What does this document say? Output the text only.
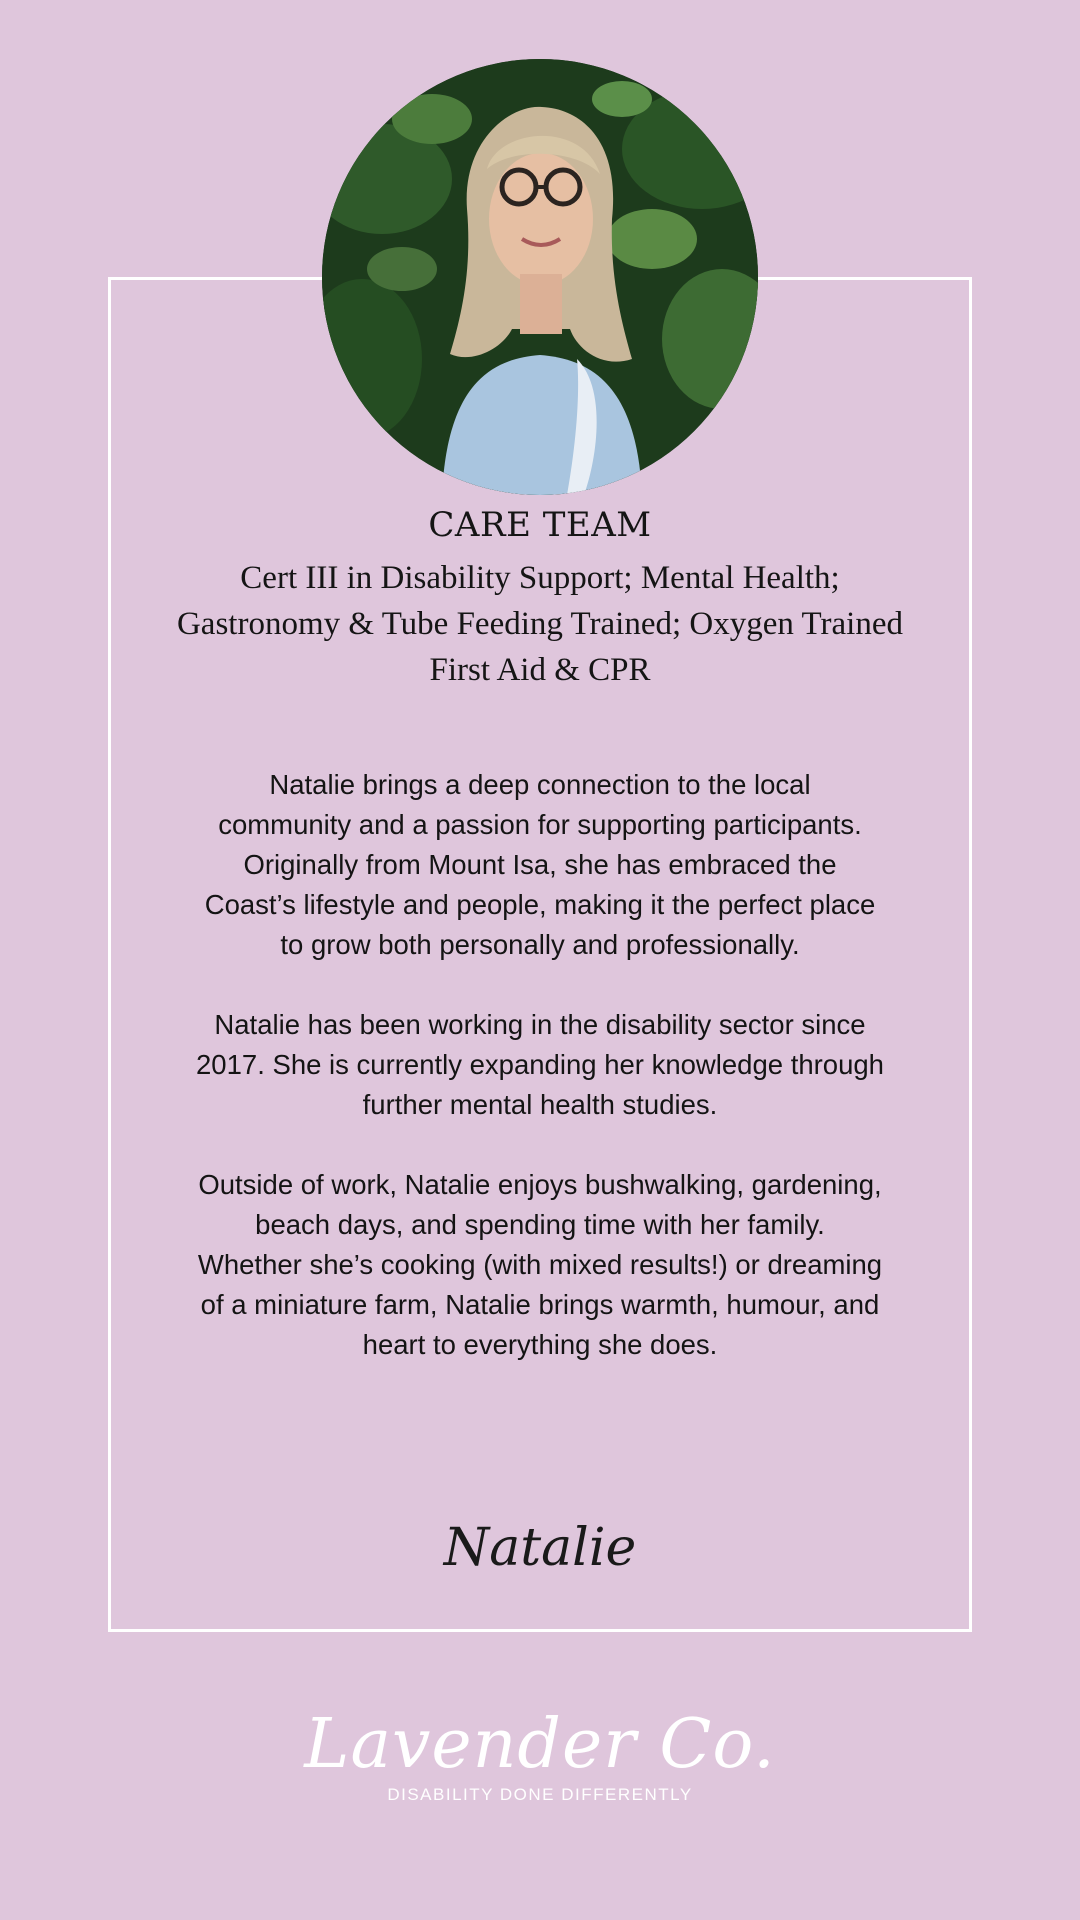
CARE TEAM
Cert III in Disability Support; Mental Health;
Gastronomy & Tube Feeding Trained; Oxygen Trained
First Aid & CPR

Natalie brings a deep connection to the local
community and a passion for supporting participants.
Originally from Mount Isa, she has embraced the
Coast’s lifestyle and people, making it the perfect place
to grow both personally and professionally.

Natalie has been working in the disability sector since
2017. She is currently expanding her knowledge through
further mental health studies.

Outside of work, Natalie enjoys bushwalking, gardening,
beach days, and spending time with her family.
Whether she’s cooking (with mixed results!) or dreaming
of a miniature farm, Natalie brings warmth, humour, and
heart to everything she does.

Natalie
Lavender Co.
DISABILITY DONE DIFFERENTLY
